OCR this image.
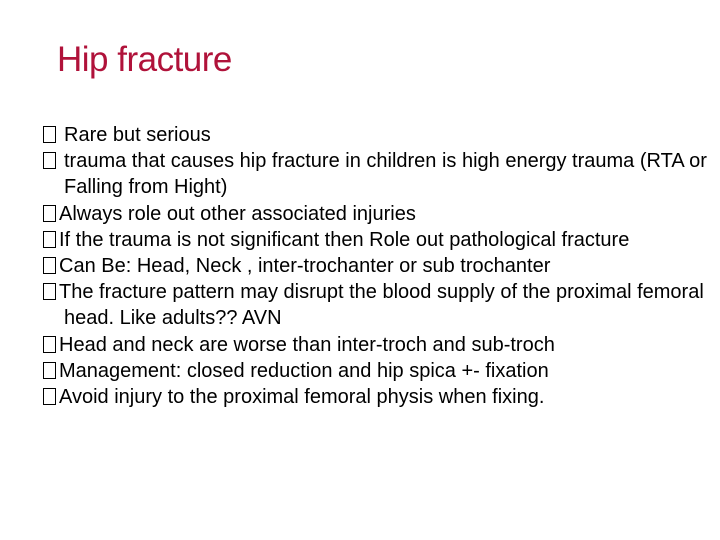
Hip fracture
Rare but serious
trauma that causes hip fracture in children is high energy trauma (RTA or Falling from Hight)
Always role out other associated injuries
If the trauma is not significant then Role out pathological fracture
Can Be: Head, Neck , inter-trochanter or sub trochanter
The fracture pattern may disrupt the blood supply of the proximal femoral head. Like adults?? AVN
Head and neck are worse than inter-troch and sub-troch
Management: closed reduction and hip spica +- fixation
Avoid injury to the proximal femoral physis when fixing.
